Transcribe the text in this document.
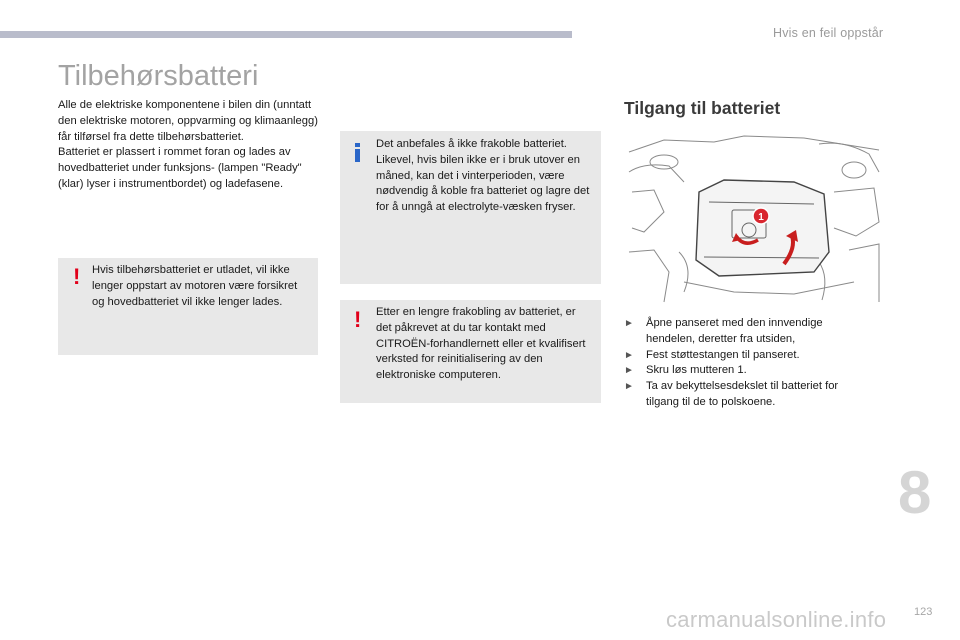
Hvis en feil oppstår
Tilbehørsbatteri

Alle de elektriske komponentene i bilen din (unntatt den elektriske motoren, oppvarming og klimaanlegg) får tilførsel fra dette tilbehørsbatteriet.
Batteriet er plassert i rommet foran og lades av hovedbatteriet under funksjons- (lampen "Ready" (klar) lyser i instrumentbordet) og ladefasene.

! Hvis tilbehørsbatteriet er utladet, vil ikke lenger oppstart av motoren være forsikret og hovedbatteriet vil ikke lenger lades.

Det anbefales å ikke frakoble batteriet. Likevel, hvis bilen ikke er i bruk utover en måned, kan det i vinterperioden, være nødvendig å koble fra batteriet og lagre det for å unngå at electrolyte-væsken fryser.

! Etter en lengre frakobling av batteriet, er det påkrevet at du tar kontakt med CITROËN-forhandlernett eller et kvalifisert verksted for reinitialisering av den elektroniske computeren.

Tilgang til batteriet
1
► Åpne panseret med den innvendige hendelen, deretter fra utsiden,
► Fest støttestangen til panseret.
► Skru løs mutteren 1.
► Ta av bekyttelsesdekslet til batteriet for tilgang til de to polskoene.
8
carmanualsonline.info	123
